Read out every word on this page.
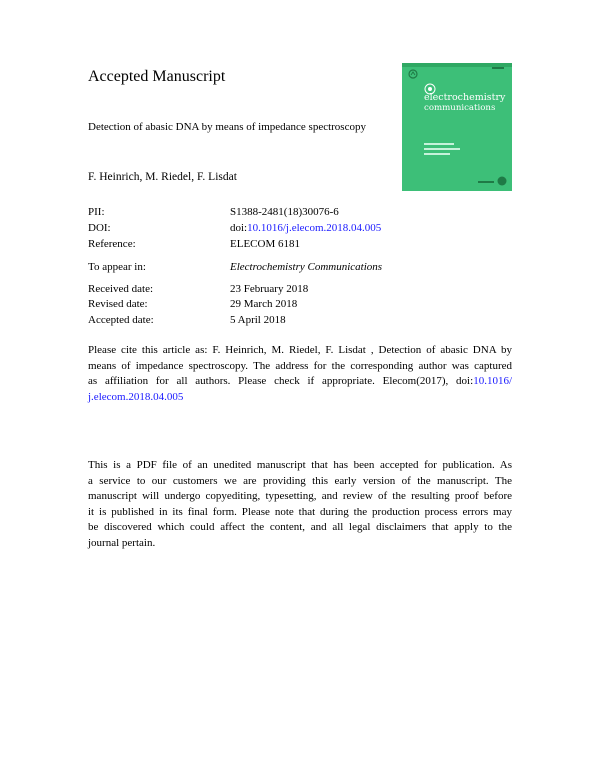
Accepted Manuscript
Detection of abasic DNA by means of impedance spectroscopy
F. Heinrich, M. Riedel, F. Lisdat
electrochemistry
communications
PII:	S1388-2481(18)30076-6
DOI:	doi:10.1016/j.elecom.2018.04.005
Reference:	ELECOM 6181
To appear in:	Electrochemistry Communications
Received date:	23 February 2018
Revised date:	29 March 2018
Accepted date:	5 April 2018
Please cite this article as: F. Heinrich, M. Riedel, F. Lisdat , Detection of abasic DNA by
means of impedance spectroscopy. The address for the corresponding author was captured
as affiliation for all authors. Please check if appropriate. Elecom(2017), doi:10.1016/
j.elecom.2018.04.005
This is a PDF file of an unedited manuscript that has been accepted for publication. As
a service to our customers we are providing this early version of the manuscript. The
manuscript will undergo copyediting, typesetting, and review of the resulting proof before
it is published in its final form. Please note that during the production process errors may
be discovered which could affect the content, and all legal disclaimers that apply to the
journal pertain.
